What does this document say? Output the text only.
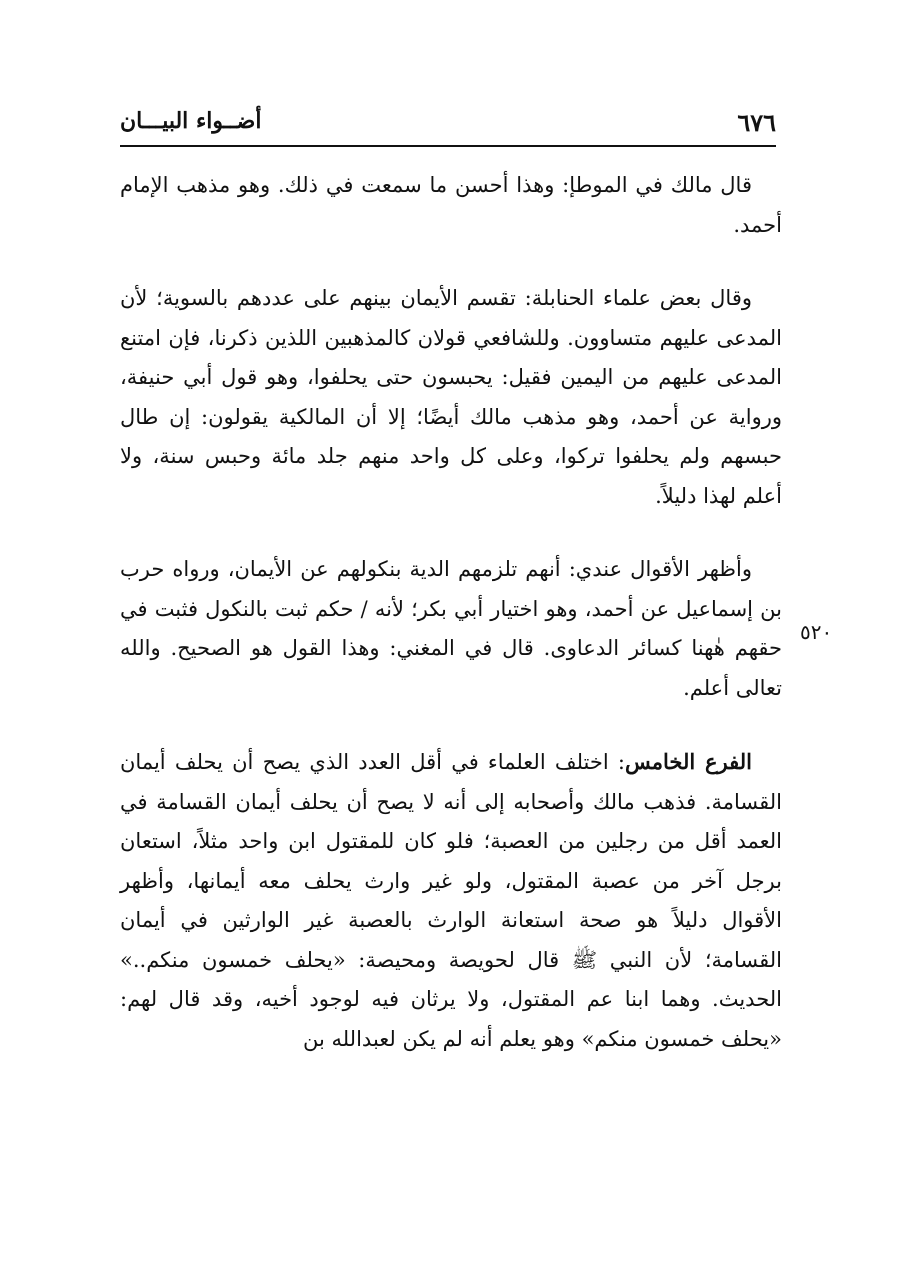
٦٧٦
أضــواء البيـــان
٥٢٠

قال مالك في الموطإ: وهذا أحسن ما سمعت في ذلك. وهو مذهب الإمام أحمد.

وقال بعض علماء الحنابلة: تقسم الأيمان بينهم على عددهم بالسوية؛ لأن المدعى عليهم متساوون. وللشافعي قولان كالمذهبين اللذين ذكرنا، فإن امتنع المدعى عليهم من اليمين فقيل: يحبسون حتى يحلفوا، وهو قول أبي حنيفة، ورواية عن أحمد، وهو مذهب مالك أيضًا؛ إلا أن المالكية يقولون: إن طال حبسهم ولم يحلفوا تركوا، وعلى كل واحد منهم جلد مائة وحبس سنة، ولا أعلم لهذا دليلاً.

وأظهر الأقوال عندي: أنهم تلزمهم الدية بنكولهم عن الأيمان، ورواه حرب بن إسماعيل عن أحمد، وهو اختيار أبي بكر؛ لأنه / حكم ثبت بالنكول فثبت في حقهم هٰهنا كسائر الدعاوى. قال في المغني: وهذا القول هو الصحيح. والله تعالى أعلم.

الفرع الخامس: اختلف العلماء في أقل العدد الذي يصح أن يحلف أيمان القسامة. فذهب مالك وأصحابه إلى أنه لا يصح أن يحلف أيمان القسامة في العمد أقل من رجلين من العصبة؛ فلو كان للمقتول ابن واحد مثلاً، استعان برجل آخر من عصبة المقتول، ولو غير وارث يحلف معه أيمانها، وأظهر الأقوال دليلاً هو صحة استعانة الوارث بالعصبة غير الوارثين في أيمان القسامة؛ لأن النبي ﷺ قال لحويصة ومحيصة: «يحلف خمسون منكم..» الحديث. وهما ابنا عم المقتول، ولا يرثان فيه لوجود أخيه، وقد قال لهم: «يحلف خمسون منكم» وهو يعلم أنه لم يكن لعبدالله بن
